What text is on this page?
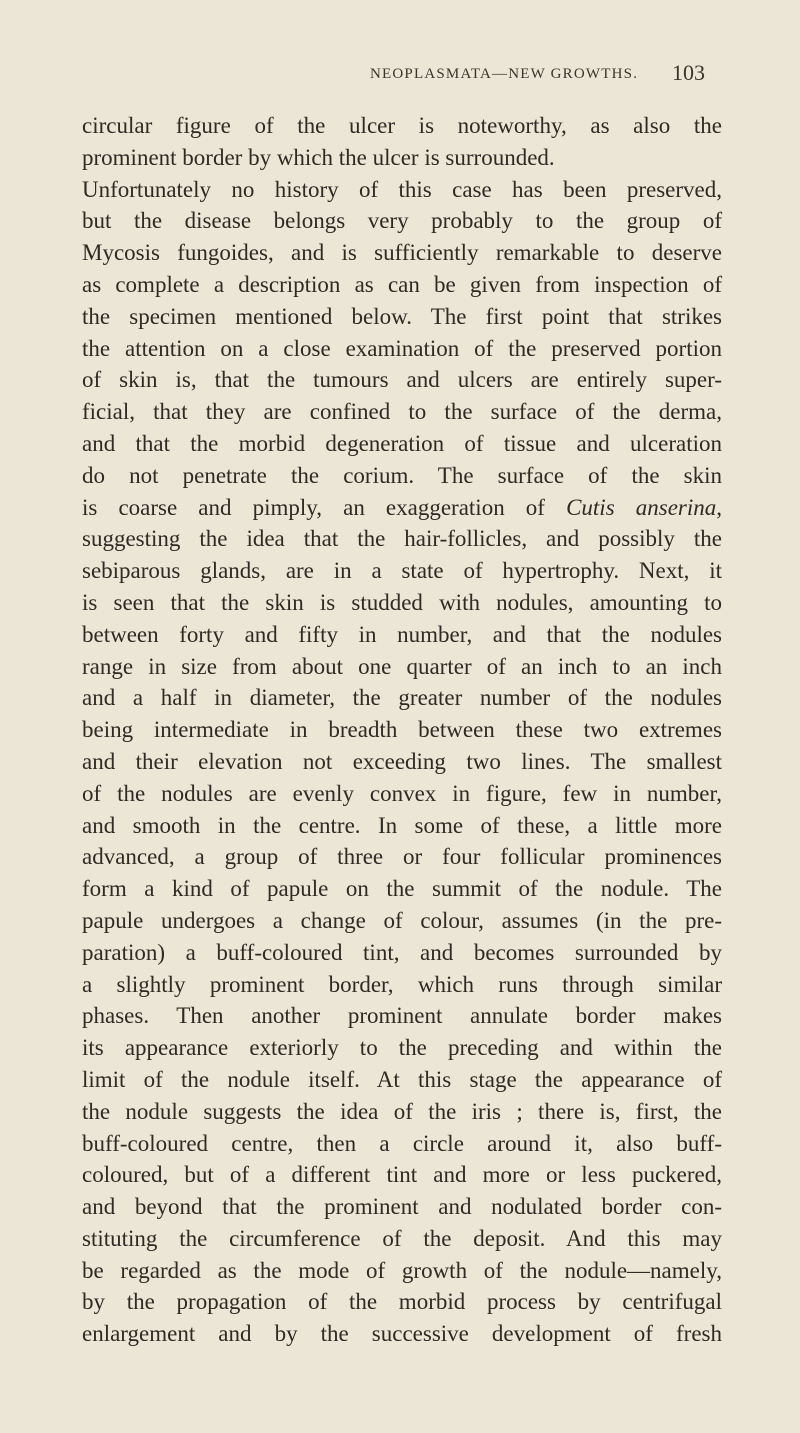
NEOPLASMATA—NEW GROWTHS. 103
circular figure of the ulcer is noteworthy, as also the
prominent border by which the ulcer is surrounded.
Unfortunately no history of this case has been preserved,
but the disease belongs very probably to the group of
Mycosis fungoides, and is sufficiently remarkable to deserve
as complete a description as can be given from inspection of
the specimen mentioned below. The first point that strikes
the attention on a close examination of the preserved portion
of skin is, that the tumours and ulcers are entirely super-
ficial, that they are confined to the surface of the derma,
and that the morbid degeneration of tissue and ulceration
do not penetrate the corium. The surface of the skin
is coarse and pimply, an exaggeration of Cutis anserina,
suggesting the idea that the hair-follicles, and possibly the
sebiparous glands, are in a state of hypertrophy. Next, it
is seen that the skin is studded with nodules, amounting to
between forty and fifty in number, and that the nodules
range in size from about one quarter of an inch to an inch
and a half in diameter, the greater number of the nodules
being intermediate in breadth between these two extremes
and their elevation not exceeding two lines. The smallest
of the nodules are evenly convex in figure, few in number,
and smooth in the centre. In some of these, a little more
advanced, a group of three or four follicular prominences
form a kind of papule on the summit of the nodule. The
papule undergoes a change of colour, assumes (in the pre-
paration) a buff-coloured tint, and becomes surrounded by
a slightly prominent border, which runs through similar
phases. Then another prominent annulate border makes
its appearance exteriorly to the preceding and within the
limit of the nodule itself. At this stage the appearance of
the nodule suggests the idea of the iris ; there is, first, the
buff-coloured centre, then a circle around it, also buff-
coloured, but of a different tint and more or less puckered,
and beyond that the prominent and nodulated border con-
stituting the circumference of the deposit. And this may
be regarded as the mode of growth of the nodule—namely,
by the propagation of the morbid process by centrifugal
enlargement and by the successive development of fresh
